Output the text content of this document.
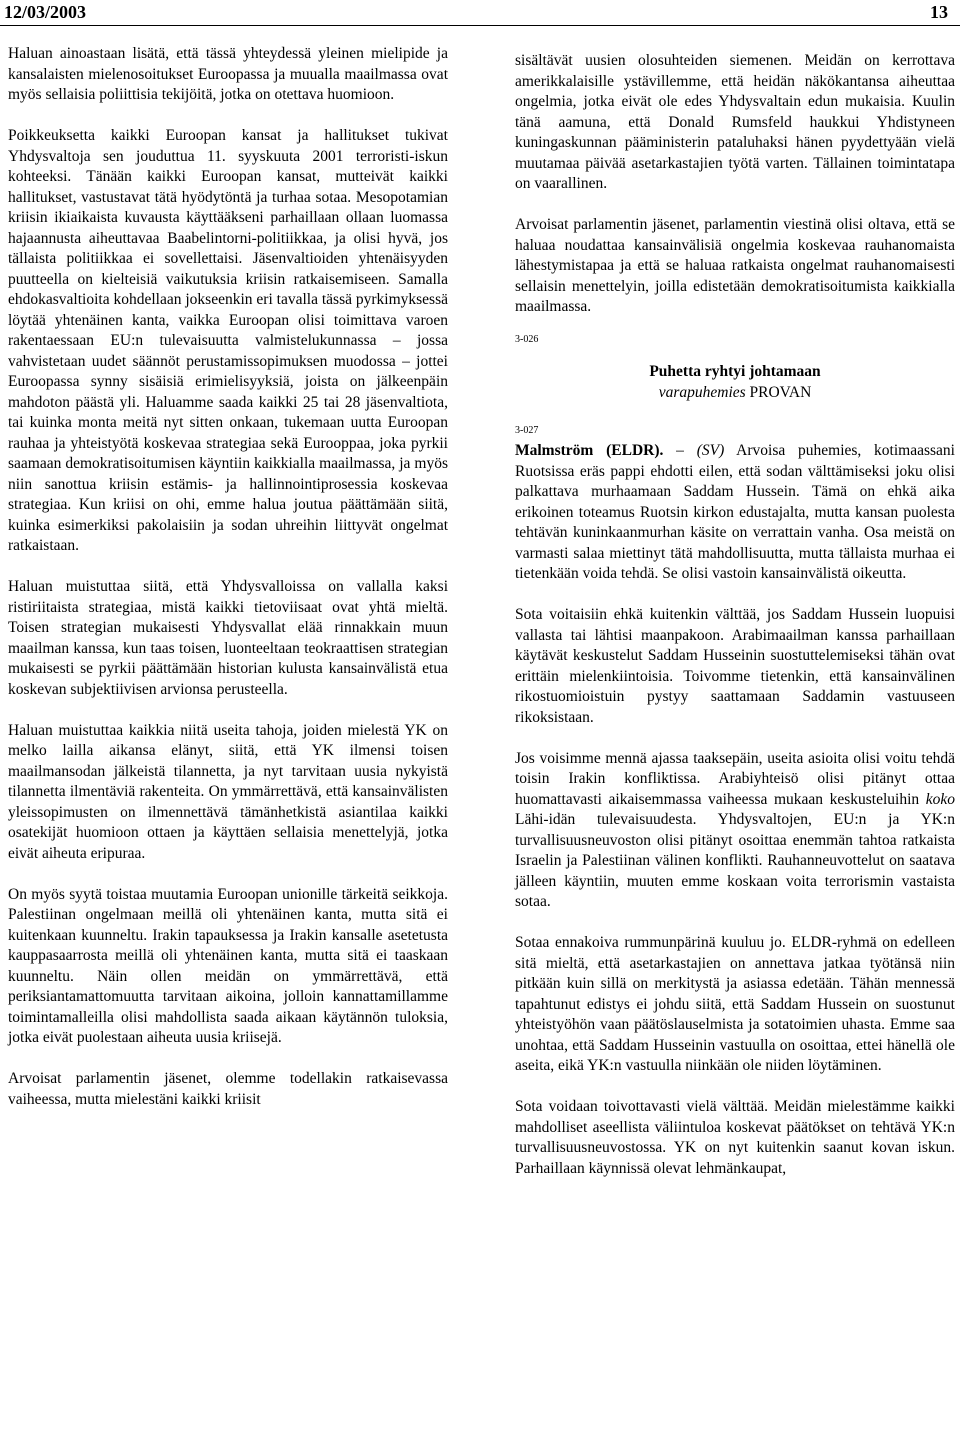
12/03/2003	13

Haluan ainoastaan lisätä, että tässä yhteydessä yleinen mielipide ja kansalaisten mielenosoitukset Euroopassa ja muualla maailmassa ovat myös sellaisia poliittisia tekijöitä, jotka on otettava huomioon.

Poikkeuksetta kaikki Euroopan kansat ja hallitukset tukivat Yhdysvaltoja sen jouduttua 11. syyskuuta 2001 terroristi-iskun kohteeksi. Tänään kaikki Euroopan kansat, mutteivät kaikki hallitukset, vastustavat tätä hyödytöntä ja turhaa sotaa. Mesopotamian kriisin ikiaikaista kuvausta käyttääkseni parhaillaan ollaan luomassa hajaannusta aiheuttavaa Baabelintorni-politiikkaa, ja olisi hyvä, jos tällaista politiikkaa ei sovellettaisi. Jäsenvaltioiden yhtenäisyyden puutteella on kielteisiä vaikutuksia kriisin ratkaisemiseen. Samalla ehdokasvaltioita kohdellaan jokseenkin eri tavalla tässä pyrkimyksessä löytää yhtenäinen kanta, vaikka Euroopan olisi toimittava varoen rakentaessaan EU:n tulevaisuutta valmistelukunnassa – jossa vahvistetaan uudet säännöt perustamissopimuksen muodossa – jottei Euroopassa synny sisäisiä erimielisyyksiä, joista on jälkeenpäin mahdoton päästä yli. Haluamme saada kaikki 25 tai 28 jäsenvaltiota, tai kuinka monta meitä nyt sitten onkaan, tukemaan uutta Euroopan rauhaa ja yhteistyötä koskevaa strategiaa sekä Eurooppaa, joka pyrkii saamaan demokratisoitumisen käyntiin kaikkialla maailmassa, ja myös niin sanottua kriisin estämis- ja hallinnointiprosessia koskevaa strategiaa. Kun kriisi on ohi, emme halua joutua päättämään siitä, kuinka esimerkiksi pakolaisiin ja sodan uhreihin liittyvät ongelmat ratkaistaan.

Haluan muistuttaa siitä, että Yhdysvalloissa on vallalla kaksi ristiriitaista strategiaa, mistä kaikki tietoviisaat ovat yhtä mieltä. Toisen strategian mukaisesti Yhdysvallat elää rinnakkain muun maailman kanssa, kun taas toisen, luonteeltaan teokraattisen strategian mukaisesti se pyrkii päättämään historian kulusta kansainvälistä etua koskevan subjektiivisen arvionsa perusteella.

Haluan muistuttaa kaikkia niitä useita tahoja, joiden mielestä YK on melko lailla aikansa elänyt, siitä, että YK ilmensi toisen maailmansodan jälkeistä tilannetta, ja nyt tarvitaan uusia nykyistä tilannetta ilmentäviä rakenteita. On ymmärrettävä, että kansainvälisten yleissopimusten on ilmennettävä tämänhetkistä asiantilaa kaikki osatekijät huomioon ottaen ja käyttäen sellaisia menettelyjä, jotka eivät aiheuta eripuraa.

On myös syytä toistaa muutamia Euroopan unionille tärkeitä seikkoja. Palestiinan ongelmaan meillä oli yhtenäinen kanta, mutta sitä ei kuitenkaan kuunneltu. Irakin tapauksessa ja Irakin kansalle asetetusta kauppasaarrosta meillä oli yhtenäinen kanta, mutta sitä ei taaskaan kuunneltu. Näin ollen meidän on ymmärrettävä, että periksiantamattomuutta tarvitaan aikoina, jolloin kannattamillamme toimintamalleilla olisi mahdollista saada aikaan käytännön tuloksia, jotka eivät puolestaan aiheuta uusia kriisejä.

Arvoisat parlamentin jäsenet, olemme todellakin ratkaisevassa vaiheessa, mutta mielestäni kaikki kriisit

sisältävät uusien olosuhteiden siemenen. Meidän on kerrottava amerikkalaisille ystävillemme, että heidän näkökantansa aiheuttaa ongelmia, jotka eivät ole edes Yhdysvaltain edun mukaisia. Kuulin tänä aamuna, että Donald Rumsfeld haukkui Yhdistyneen kuningaskunnan pääministerin pataluhaksi hänen pyydettyään vielä muutamaa päivää asetarkastajien työtä varten. Tällainen toimintatapa on vaarallinen.

Arvoisat parlamentin jäsenet, parlamentin viestinä olisi oltava, että se haluaa noudattaa kansainvälisiä ongelmia koskevaa rauhanomaista lähestymistapaa ja että se haluaa ratkaista ongelmat rauhanomaisesti sellaisin menettelyin, joilla edistetään demokratisoitumista kaikkialla maailmassa.

3-026

Puhetta ryhtyi johtamaan
varapuhemies PROVAN

3-027

Malmström (ELDR). – (SV) Arvoisa puhemies, kotimaassani Ruotsissa eräs pappi ehdotti eilen, että sodan välttämiseksi joku olisi palkattava murhaamaan Saddam Hussein. Tämä on ehkä aika erikoinen toteamus Ruotsin kirkon edustajalta, mutta kansan puolesta tehtävän kuninkaanmurhan käsite on verrattain vanha. Osa meistä on varmasti salaa miettinyt tätä mahdollisuutta, mutta tällaista murhaa ei tietenkään voida tehdä. Se olisi vastoin kansainvälistä oikeutta.

Sota voitaisiin ehkä kuitenkin välttää, jos Saddam Hussein luopuisi vallasta tai lähtisi maanpakoon. Arabimaailman kanssa parhaillaan käytävät keskustelut Saddam Husseinin suostuttelemiseksi tähän ovat erittäin mielenkiintoisia. Toivomme tietenkin, että kansainvälinen rikostuomioistuin pystyy saattamaan Saddamin vastuuseen rikoksistaan.

Jos voisimme mennä ajassa taaksepäin, useita asioita olisi voitu tehdä toisin Irakin konfliktissa. Arabiyhteisö olisi pitänyt ottaa huomattavasti aikaisemmassa vaiheessa mukaan keskusteluihin koko Lähi-idän tulevaisuudesta. Yhdysvaltojen, EU:n ja YK:n turvallisuusneuvoston olisi pitänyt osoittaa enemmän tahtoa ratkaista Israelin ja Palestiinan välinen konflikti. Rauhanneuvottelut on saatava jälleen käyntiin, muuten emme koskaan voita terrorismin vastaista sotaa.

Sotaa ennakoiva rummunpärinä kuuluu jo. ELDR-ryhmä on edelleen sitä mieltä, että asetarkastajien on annettava jatkaa työtänsä niin pitkään kuin sillä on merkitystä ja asiassa edetään. Tähän mennessä tapahtunut edistys ei johdu siitä, että Saddam Hussein on suostunut yhteistyöhön vaan päätöslauselmista ja sotatoimien uhasta. Emme saa unohtaa, että Saddam Husseinin vastuulla on osoittaa, ettei hänellä ole aseita, eikä YK:n vastuulla niinkään ole niiden löytäminen.

Sota voidaan toivottavasti vielä välttää. Meidän mielestämme kaikki mahdolliset aseellista väliintuloa koskevat päätökset on tehtävä YK:n turvallisuusneuvostossa. YK on nyt kuitenkin saanut kovan iskun. Parhaillaan käynnissä olevat lehmänkaupat,
